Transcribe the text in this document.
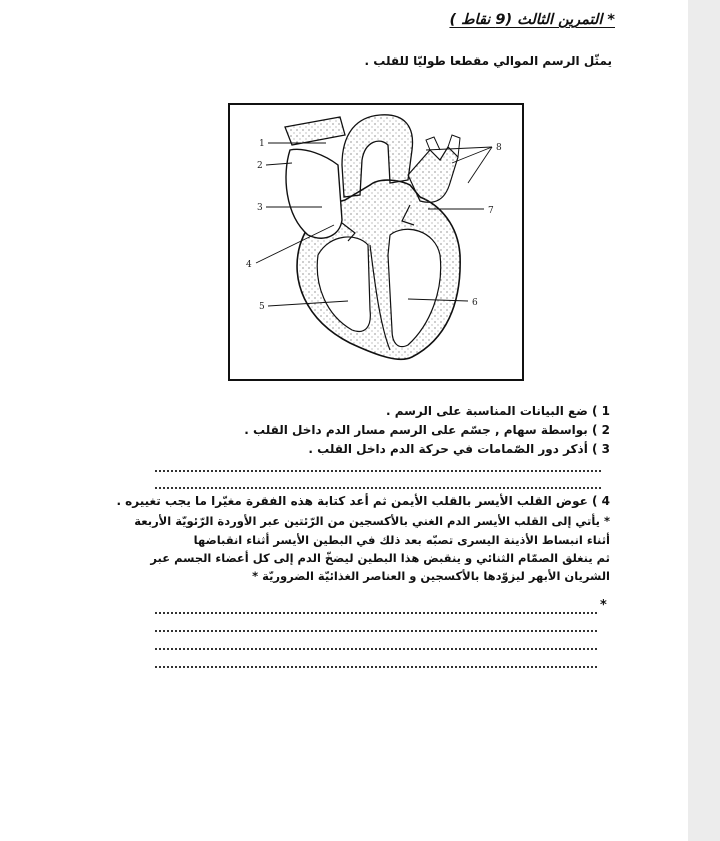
* التمرين الثالث (9 نقاط )
يمثّل الرسم الموالي مقطعا طوليّا للقلب .
1
2
3
4
5	6
7
8
1 ) ضع البيانات المناسبة على الرسم .
2 ) بواسطة سهام , جسّم على الرسم مسار الدم داخل القلب .
3 ) أذكر دور الصّمامات في حركة الدم داخل القلب .
4 ) عوض القلب الأيسر بالقلب الأيمن ثم أعد كتابة هذه الفقرة مغيّرا ما يجب تغييره .
* يأتي إلى القلب الأيسر الدم الغني بالأكسجين من الرّئتين عبر الأوردة الرّئويّة الأربعة
أثناء انبساط الأذينة اليسرى تصبّه بعد ذلك في البطين الأيسر أثناء انقباضها
ثم ينغلق الصمّام الثنائي و ينقبض هذا البطين ليضخّ الدم إلى كل أعضاء الجسم عبر
الشريان الأبهر ليزوّدها بالأكسجين و العناصر الغذائيّة الضروريّة *
*
